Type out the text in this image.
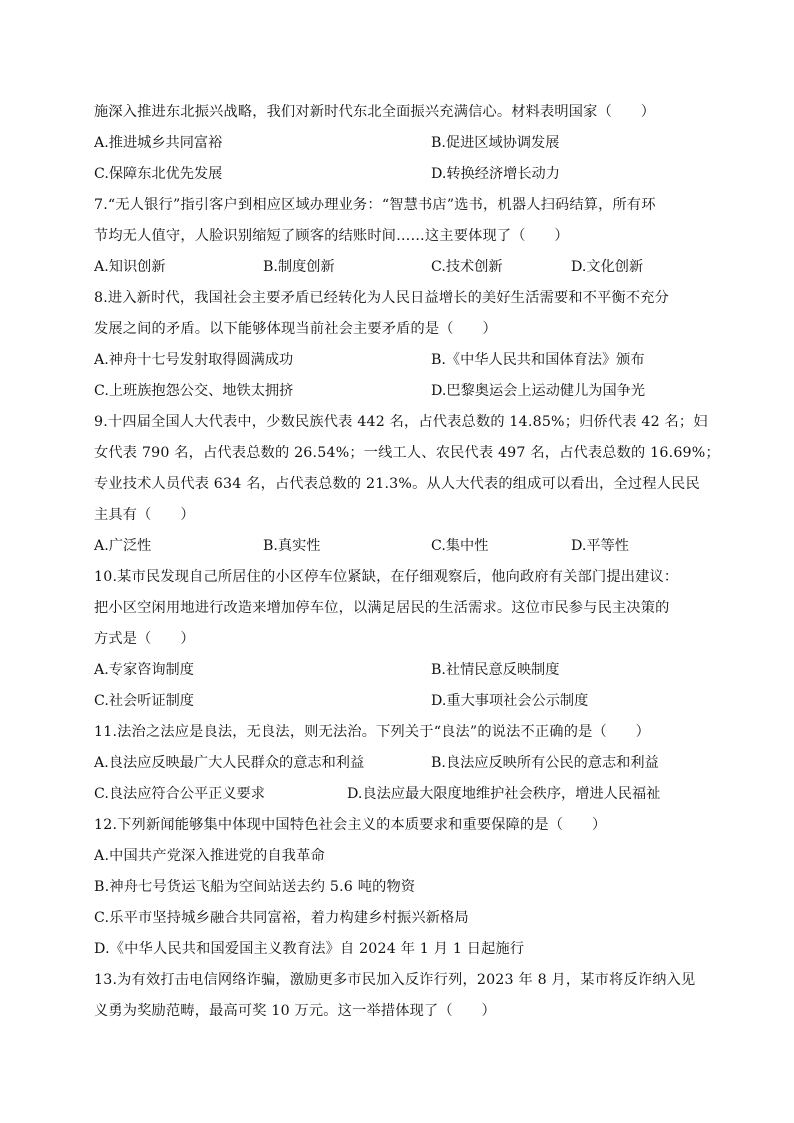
施深入推进东北振兴战略，我们对新时代东北全面振兴充满信心。材料表明国家（　　）
A.推进城乡共同富裕	B.促进区域协调发展
C.保障东北优先发展	D.转换经济增长动力
7.“无人银行”指引客户到相应区域办理业务：“智慧书店”选书，机器人扫码结算，所有环
节均无人值守，人脸识别缩短了顾客的结账时间……这主要体现了（　　）
A.知识创新	B.制度创新	C.技术创新	D.文化创新
8.进入新时代，我国社会主要矛盾已经转化为人民日益增长的美好生活需要和不平衡不充分
发展之间的矛盾。以下能够体现当前社会主要矛盾的是（　　）
A.神舟十七号发射取得圆满成功	B.《中华人民共和国体育法》颁布
C.上班族抱怨公交、地铁太拥挤	D.巴黎奥运会上运动健儿为国争光
9.十四届全国人大代表中，少数民族代表 442 名，占代表总数的 14.85%；归侨代表 42 名；妇
女代表 790 名，占代表总数的 26.54%；一线工人、农民代表 497 名，占代表总数的 16.69%；
专业技术人员代表 634 名，占代表总数的 21.3%。从人大代表的组成可以看出，全过程人民民
主具有（　　）
A.广泛性	B.真实性	C.集中性	D.平等性
10.某市民发现自己所居住的小区停车位紧缺，在仔细观察后，他向政府有关部门提出建议：
把小区空闲用地进行改造来增加停车位，以满足居民的生活需求。这位市民参与民主决策的
方式是（　　）
A.专家咨询制度	B.社情民意反映制度
C.社会听证制度	D.重大事项社会公示制度
11.法治之法应是良法，无良法，则无法治。下列关于“良法”的说法不正确的是（　　）
A.良法应反映最广大人民群众的意志和利益	B.良法应反映所有公民的意志和利益
C.良法应符合公平正义要求	D.良法应最大限度地维护社会秩序，增进人民福祉
12.下列新闻能够集中体现中国特色社会主义的本质要求和重要保障的是（　　）
A.中国共产党深入推进党的自我革命
B.神舟七号货运飞船为空间站送去约 5.6 吨的物资
C.乐平市坚持城乡融合共同富裕，着力构建乡村振兴新格局
D.《中华人民共和国爱国主义教育法》自 2024 年 1 月 1 日起施行
13.为有效打击电信网络诈骗，激励更多市民加入反诈行列，2023 年 8 月，某市将反诈纳入见
义勇为奖励范畴，最高可奖 10 万元。这一举措体现了（　　）
